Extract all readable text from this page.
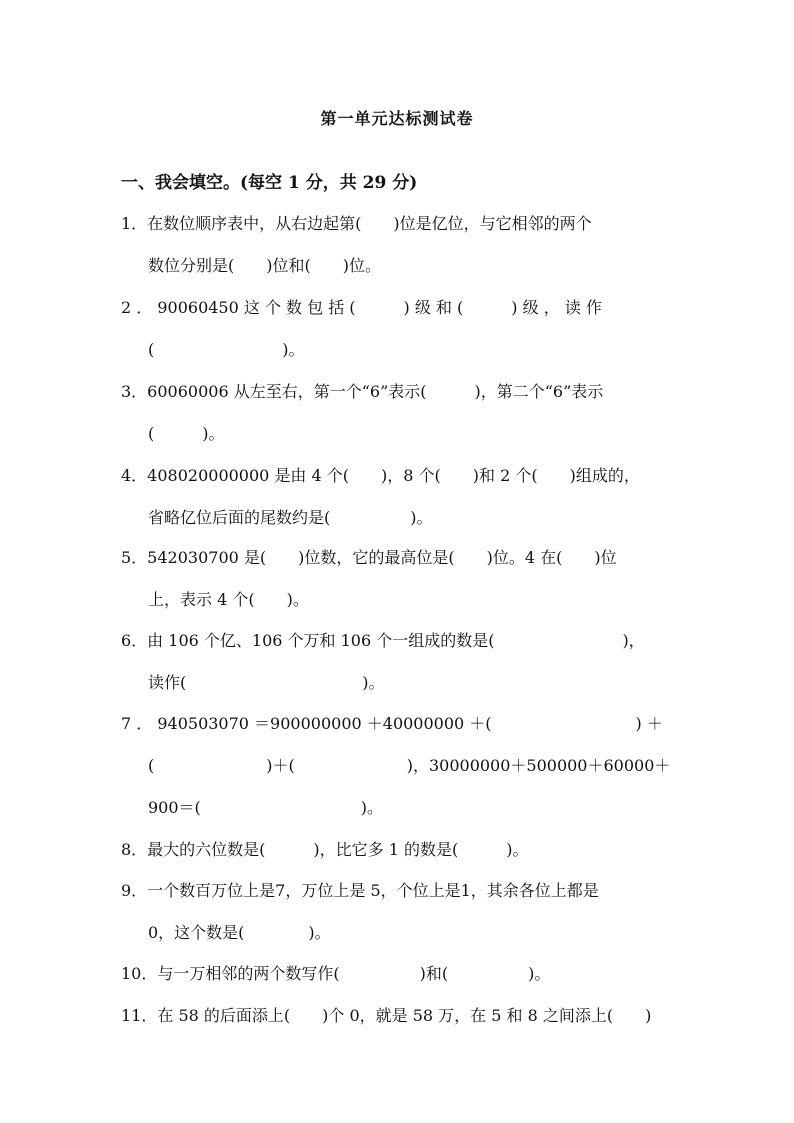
第一单元达标测试卷
一、我会填空。(每空 1 分，共 29 分)
1．在数位顺序表中，从右边起第(　　)位是亿位，与它相邻的两个
数位分别是(　　)位和(　　)位。
2 ． 90060450 这 个 数 包 括 (　　　) 级 和 (　　　) 级 ， 读 作
(　　　　　　　　)。
3．60060006 从左至右，第一个“6”表示(　　　)，第二个“6”表示
(　　　)。
4．408020000000 是由 4 个(　　)，8 个(　　)和 2 个(　　)组成的，
省略亿位后面的尾数约是(　　　　　)。
5．542030700 是(　　)位数，它的最高位是(　　)位。4 在(　　)位
上，表示 4 个(　　)。
6．由 106 个亿、106 个万和 106 个一组成的数是(　　　　　　　　)，
读作(　　　　　　　　　　　)。
7 ． 940503070 ＝900000000 ＋40000000 ＋(　　　　　　　　　) ＋
(　　　　　　　)＋(　　　　　　　)，30000000＋500000＋60000＋
900＝(　　　　　　　　　　)。
8．最大的六位数是(　　　)，比它多 1 的数是(　　　)。
9．一个数百万位上是7，万位上是 5，个位上是1，其余各位上都是
0，这个数是(　　　　)。
10．与一万相邻的两个数写作(　　　　　)和(　　　　　)。
11．在 58 的后面添上(　　)个 0，就是 58 万，在 5 和 8 之间添上(　　)
